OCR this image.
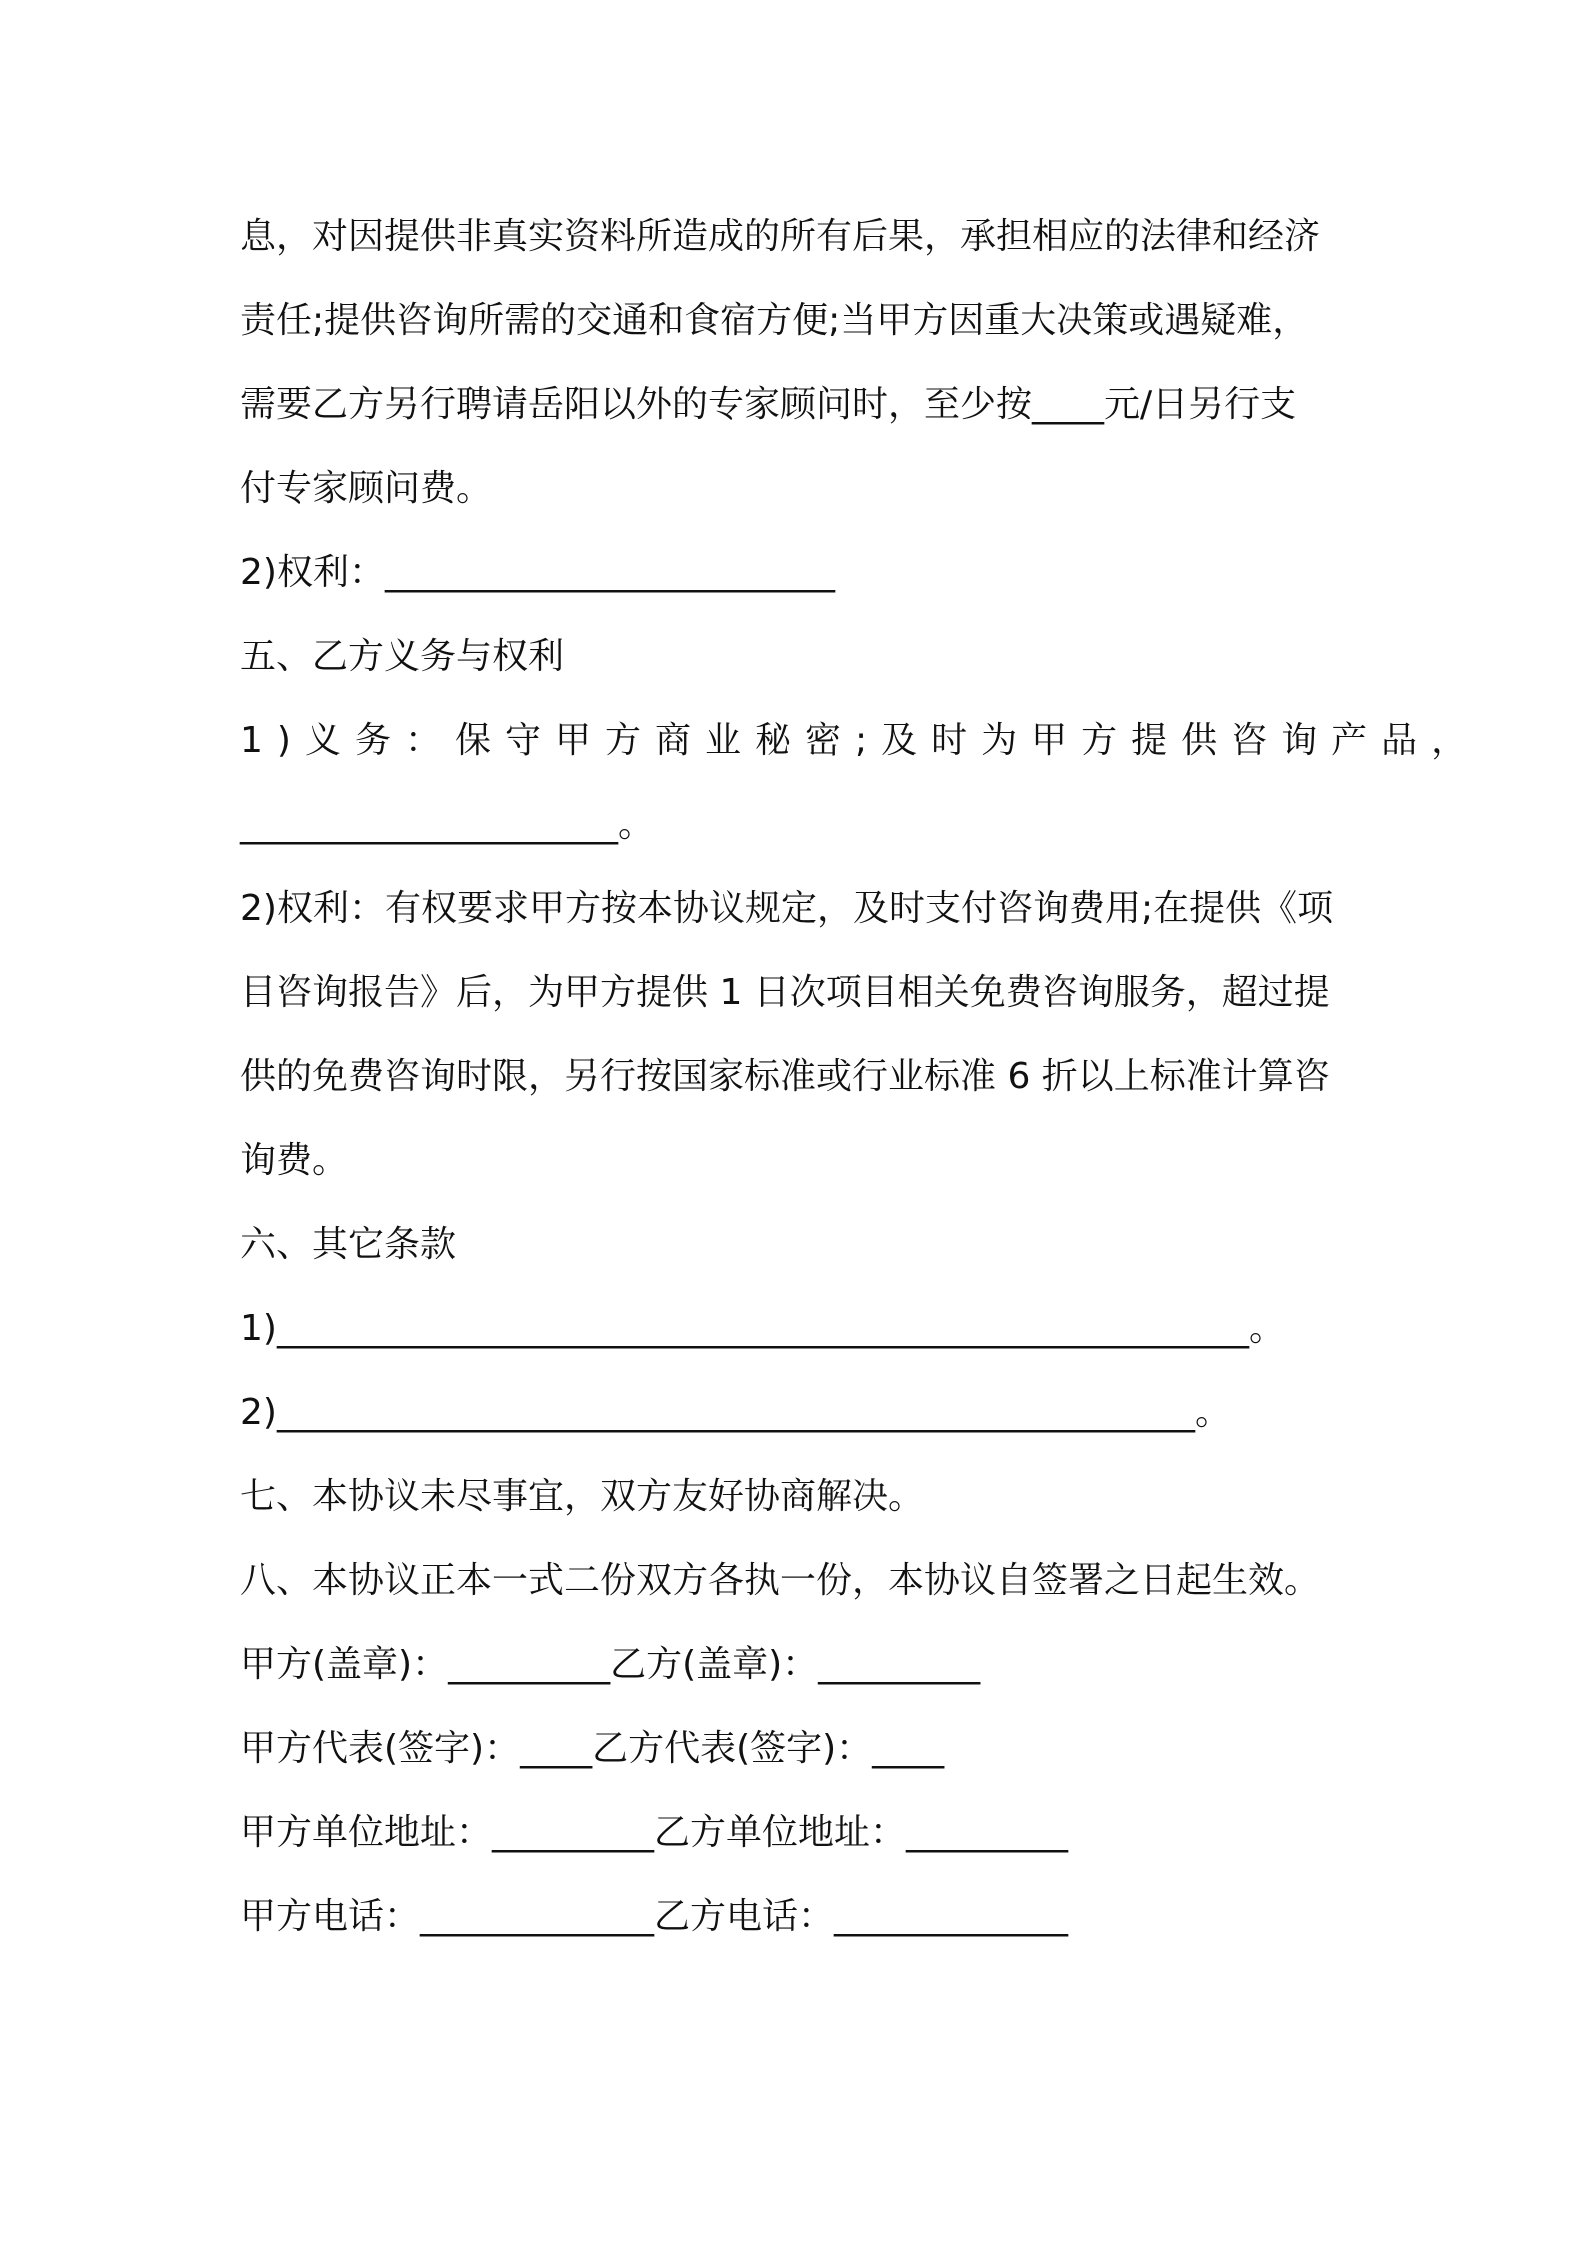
息，对因提供非真实资料所造成的所有后果，承担相应的法律和经济
责任;提供咨询所需的交通和食宿方便;当甲方因重大决策或遇疑难，
需要乙方另行聘请岳阳以外的专家顾问时，至少按____元/日另行支
付专家顾问费。
2)权利：_________________________
五、乙方义务与权利
1)义务：保守甲方商业秘密;及时为甲方提供咨询产品，
_____________________。
2)权利：有权要求甲方按本协议规定，及时支付咨询费用;在提供《项
目咨询报告》后，为甲方提供 1 日次项目相关免费咨询服务，超过提
供的免费咨询时限，另行按国家标准或行业标准 6 折以上标准计算咨
询费。
六、其它条款
1)______________________________________________________。
2)___________________________________________________。
七、本协议未尽事宜，双方友好协商解决。
八、本协议正本一式二份双方各执一份，本协议自签署之日起生效。
甲方(盖章)：_________乙方(盖章)：_________
甲方代表(签字)：____乙方代表(签字)：____
甲方单位地址：_________乙方单位地址：_________
甲方电话：_____________乙方电话：_____________
